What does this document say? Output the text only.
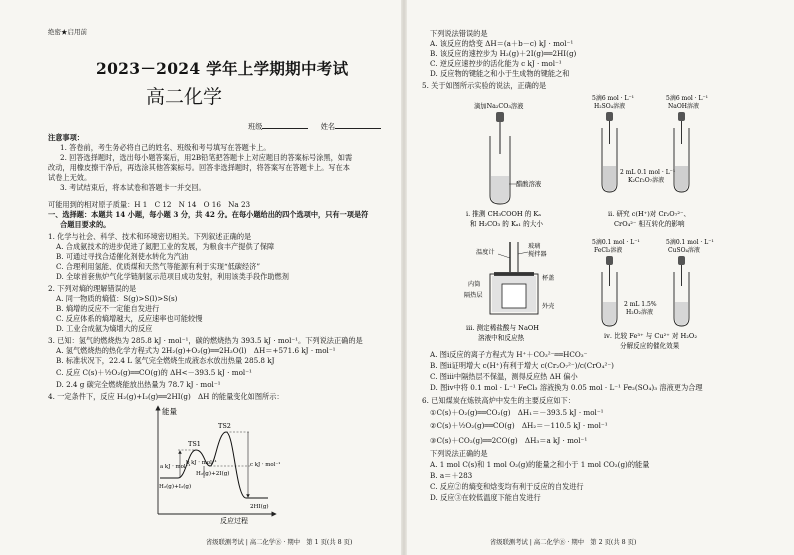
绝密★启用前
2023－2024 学年上学期期中考试
高二化学
班级	姓名
注意事项：
1. 答卷前，考生务必将自己的姓名、班级和考号填写在答题卡上。
2. 回答选择题时，选出每小题答案后，用2B铅笔把答题卡上对应题目的答案标号涂黑，如需
改动，用橡皮擦干净后，再选涂其他答案标号。回答非选择题时，将答案写在答题卡上。写在本
试卷上无效。
3. 考试结束后，将本试卷和答题卡一并交回。
可能用到的相对原子质量：H 1　C 12　N 14　O 16　Na 23
一、选择题：本题共 14 小题，每小题 3 分，共 42 分。在每小题给出的四个选项中，只有一项是符
合题目要求的。
1. 化学与社会、科学、技术和环境密切相关。下列叙述正确的是
A. 合成氨技术的进步促进了氮肥工业的发展，为粮食丰产提供了保障
B. 可通过寻找合适催化剂使水转化为汽油
C. 合理利用氢能、优质煤和天然气等能源有利于实现“低碳经济”
D. 全球首套焦炉气化学链制氢示范项目成功发射，利用该类手段作助燃剂
2. 下列对熵的理解错误的是
A. 同一物质的熵值：S(g)>S(l)>S(s)
B. 熵增的反应不一定能自发进行
C. 反应体系的熵增越大，反应速率也可能较慢
D. 工业合成氨为熵增大的反应
3. 已知：氢气的燃烧热为 285.8 kJ · mol⁻¹，碳的燃烧热为 393.5 kJ · mol⁻¹。下列说法正确的是
A. 氢气燃烧热的热化学方程式为 2H₂(g)+O₂(g)══2H₂O(l)　ΔH＝+571.6 kJ · mol⁻¹
B. 标准状况下，22.4 L 氢气完全燃烧生成液态水放出热量 285.8 kJ
C. 反应 C(s)＋½O₂(g)══CO(g)的 ΔH<－393.5 kJ · mol⁻¹
D. 2.4 g 碳完全燃烧能放出热量为 78.7 kJ · mol⁻¹
4. 一定条件下，反应 H₂(g)+I₂(g)══2HI(g)　ΔH 的能量变化如图所示：
能量
反应过程
TS1
TS2
a kJ · mol⁻¹
b kJ · mol⁻¹	c kJ · mol⁻¹
H₂(g)+I₂(g)
H₂(g)+2I(g)
2HI(g)
省级联测考试 | 高二化学⑧ · 期中　第 1 页(共 8 页)
下列说法错误的是
A. 该反应的焓变 ΔH＝(a＋b－c) kJ · mol⁻¹
B. 该反应的速控步为 H₂(g)＋2I(g)══2HI(g)
C. 逆反应速控步的活化能为 c kJ · mol⁻¹
D. 反应物的键能之和小于生成物的键能之和
5. 关于如图所示实验的说法，正确的是
滴加Na₂CO₃溶液
醋酸溶液
ⅰ. 推测 CH₃COOH 的 Kₐ
和 H₂CO₃ 的 Kₐ₁ 的大小
5滴6 mol · L⁻¹
H₂SO₄溶液
5滴6 mol · L⁻¹
NaOH溶液
2 mL 0.1 mol · L⁻¹
K₂Cr₂O₇溶液
ⅱ. 研究 c(H⁺)对 Cr₂O₇²⁻、
CrO₄²⁻ 相互转化的影响
温度计
玻璃
搅拌器
杯盖
内筒
隔热层
外壳
ⅲ. 测定稀盐酸与 NaOH
溶液中和反应热
5滴0.1 mol · L⁻¹
FeCl₃溶液
5滴0.1 mol · L⁻¹
CuSO₄溶液
2 mL 1.5%
H₂O₂溶液
ⅳ. 比较 Fe³⁺ 与 Cu²⁺ 对 H₂O₂
分解反应的催化效果
A. 图ⅰ反应的离子方程式为 H⁺＋CO₃²⁻══HCO₃⁻
B. 图ⅱ证明增大 c(H⁺)有利于增大 c(Cr₂O₇²⁻)/c(CrO₄²⁻)
C. 图ⅲ中隔热层不保温，测得反应热 ΔH 偏小
D. 图ⅳ中将 0.1 mol · L⁻¹ FeCl₃ 溶液换为 0.05 mol · L⁻¹ Fe₂(SO₄)₃ 溶液更为合理
6. 已知煤炭在炼铁高炉中发生的主要反应如下：
①C(s)＋O₂(g)══CO₂(g)　ΔH₁＝－393.5 kJ · mol⁻¹
②C(s)＋½O₂(g)══CO(g)　ΔH₂＝－110.5 kJ · mol⁻¹
③C(s)＋CO₂(g)══2CO(g)　ΔH₃＝a kJ · mol⁻¹
下列说法正确的是
A. 1 mol C(s)和 1 mol O₂(g)的能量之和小于 1 mol CO₂(g)的能量
B. a＝＋283
C. 反应②的熵变和焓变均有利于反应的自发进行
D. 反应③在较低温度下能自发进行
省级联测考试 | 高二化学⑧ · 期中　第 2 页(共 8 页)
